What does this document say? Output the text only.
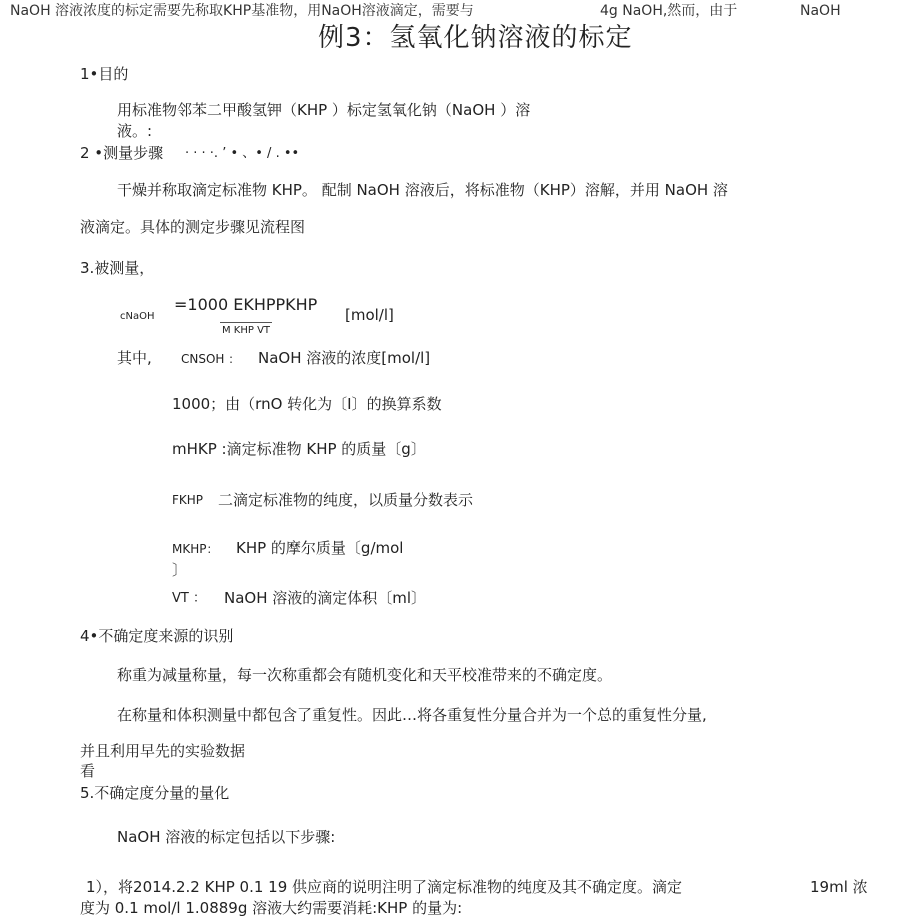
NaOH 溶液浓度的标定需要先称取KHP基准物，用NaOH溶液滴定，需要与	4g NaOH,然而，由于	NaOH
例3：氢氧化钠溶液的标定
1•目的
用标准物邻苯二甲酸氢钾（KHP ）标定氢氧化钠（NaOH ）溶
液。:
2 •测量步骤 · · · ·. ’ • 、• / . ••
干燥并称取滴定标准物 KHP。 配制 NaOH 溶液后，将标准物（KHP）溶解，并用 NaOH 溶
液滴定。具体的测定步骤见流程图
3.被测量，
cNaOH
=1000 EKHPPKHP
M KHP VT
[mol/l]
其中, CNSOH ： NaOH 溶液的浓度[mol/l]
1000；由（rnO 转化为〔I〕的换算系数
mHKP :滴定标准物 KHP 的质量〔g〕
FKHP 二滴定标准物的纯度，以质量分数表示
MKHP： KHP 的摩尔质量〔g/mol
〕
VT ： NaOH 溶液的滴定体积〔ml〕
4•不确定度来源的识别
称重为减量称量，每一次称重都会有随机变化和天平校准带来的不确定度。
在称量和体积测量中都包含了重复性。因此…将各重复性分量合并为一个总的重复性分量,
并且利用早先的实验数据
看
5.不确定度分量的量化
NaOH 溶液的标定包括以下步骤:
1），将2014.2.2 KHP 0.1 19 供应商的说明注明了滴定标准物的纯度及其不确定度。滴定	19ml 浓
度为 0.1 mol/l 1.0889g 溶液大约需要消耗:KHP 的量为:
